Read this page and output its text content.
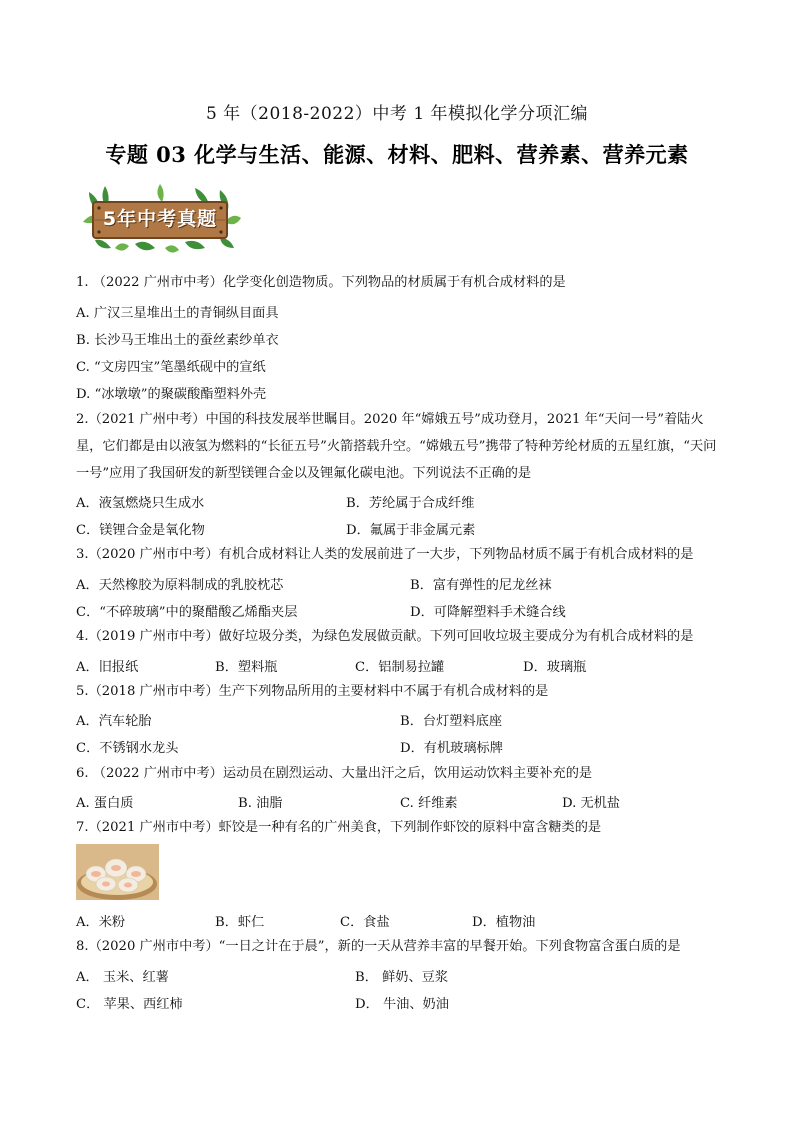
5 年（2018-2022）中考 1 年模拟化学分项汇编
专题 03 化学与生活、能源、材料、肥料、营养素、营养元素
5年中考真题
1. （2022 广州市中考）化学变化创造物质。下列物品的材质属于有机合成材料的是
A. 广汉三星堆出土的青铜纵目面具
B. 长沙马王堆出土的蚕丝素纱单衣
C. “文房四宝”笔墨纸砚中的宣纸
D. “冰墩墩”的聚碳酸酯塑料外壳
2.（2021 广州中考）中国的科技发展举世瞩目。2020 年“嫦娥五号”成功登月，2021 年“天问一号”着陆火星，它们都是由以液氢为燃料的“长征五号”火箭搭载升空。“嫦娥五号”携带了特种芳纶材质的五星红旗，“天问一号”应用了我国研发的新型镁锂合金以及锂氟化碳电池。下列说法不正确的是
A．液氢燃烧只生成水	B．芳纶属于合成纤维
C．镁锂合金是氧化物	D．氟属于非金属元素
3.（2020 广州市中考）有机合成材料让人类的发展前进了一大步，下列物品材质不属于有机合成材料的是
A．天然橡胶为原料制成的乳胶枕芯	B．富有弹性的尼龙丝袜
C．“不碎玻璃”中的聚醋酸乙烯酯夹层	D．可降解塑料手术缝合线
4.（2019 广州市中考）做好垃圾分类，为绿色发展做贡献。下列可回收垃圾主要成分为有机合成材料的是
A．旧报纸	B．塑料瓶	C．铝制易拉罐	D．玻璃瓶
5.（2018 广州市中考）生产下列物品所用的主要材料中不属于有机合成材料的是
A．汽车轮胎	B．台灯塑料底座
C．不锈钢水龙头	D．有机玻璃标牌
6. （2022 广州市中考）运动员在剧烈运动、大量出汗之后，饮用运动饮料主要补充的是
A. 蛋白质	B. 油脂	C. 纤维素	D. 无机盐
7.（2021 广州市中考）虾饺是一种有名的广州美食，下列制作虾饺的原料中富含糖类的是
A．米粉	B．虾仁	C．食盐	D．植物油
8.（2020 广州市中考）“一日之计在于晨”，新的一天从营养丰富的早餐开始。下列食物富含蛋白质的是
A． 玉米、红薯	B． 鲜奶、豆浆
C． 苹果、西红柿	D． 牛油、奶油
